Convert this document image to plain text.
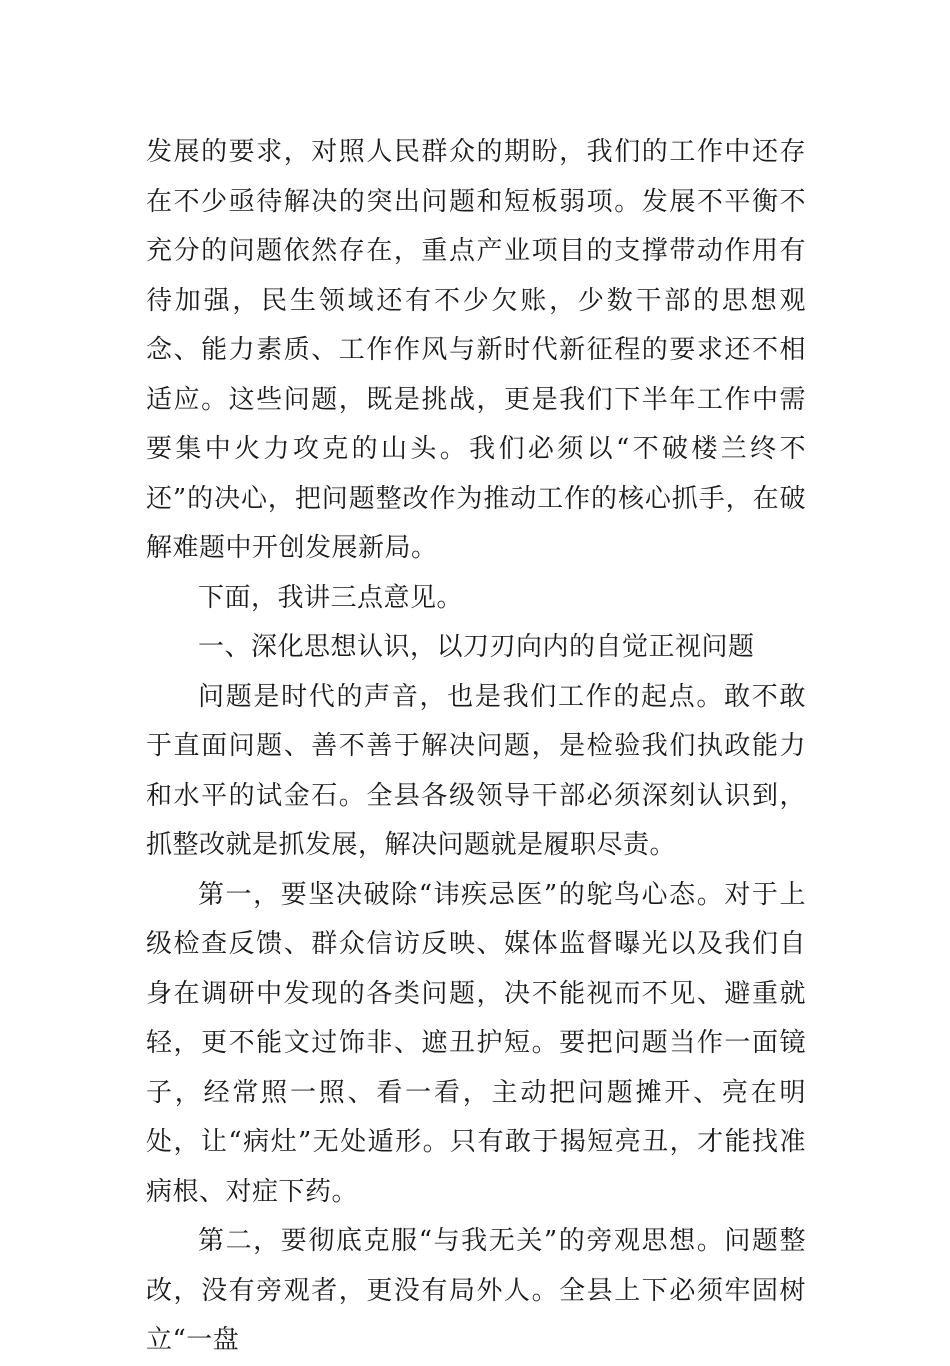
发展的要求，对照人民群众的期盼，我们的工作中还存在不少亟待解决的突出问题和短板弱项。发展不平衡不充分的问题依然存在，重点产业项目的支撑带动作用有待加强，民生领域还有不少欠账，少数干部的思想观念、能力素质、工作作风与新时代新征程的要求还不相适应。这些问题，既是挑战，更是我们下半年工作中需要集中火力攻克的山头。我们必须以“不破楼兰终不还”的决心，把问题整改作为推动工作的核心抓手，在破解难题中开创发展新局。

下面，我讲三点意见。

一、深化思想认识，以刀刃向内的自觉正视问题

问题是时代的声音，也是我们工作的起点。敢不敢于直面问题、善不善于解决问题，是检验我们执政能力和水平的试金石。全县各级领导干部必须深刻认识到，抓整改就是抓发展，解决问题就是履职尽责。

第一，要坚决破除“讳疾忌医”的鸵鸟心态。对于上级检查反馈、群众信访反映、媒体监督曝光以及我们自身在调研中发现的各类问题，决不能视而不见、避重就轻，更不能文过饰非、遮丑护短。要把问题当作一面镜子，经常照一照、看一看，主动把问题摊开、亮在明处，让“病灶”无处遁形。只有敢于揭短亮丑，才能找准病根、对症下药。

第二，要彻底克服“与我无关”的旁观思想。问题整改，没有旁观者，更没有局外人。全县上下必须牢固树立“一盘
